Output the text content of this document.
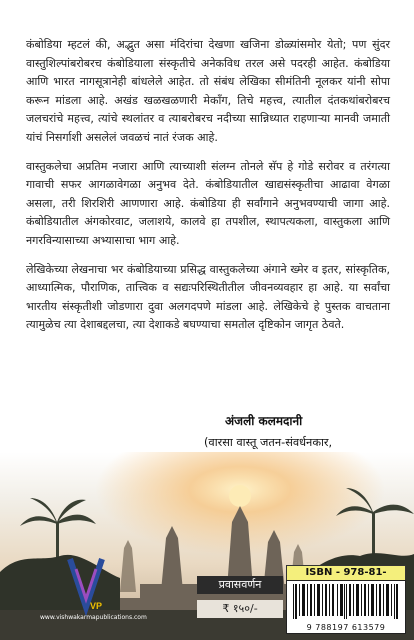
कंबोडिया म्हटलं की, अद्भुत असा मंदिरांचा देखणा खजिना डोळ्यांसमोर येतो; पण सुंदर वास्तुशिल्पांबरोबरच कंबोडियाला संस्कृतीचे अनेकविध तरल असे पदरही आहेत. कंबोडिया आणि भारत नागसूत्रानेही बांधलेले आहेत. तो संबंध लेखिका सीमंतिनी नूलकर यांनी सोपा करून मांडला आहे. अखंड खळखळणारी मेकाँग, तिचे महत्त्व, त्यातील दंतकथांबरोबरच जलचरांचे महत्त्व, त्यांचे स्थलांतर व त्याबरोबरच नदीच्या सान्निध्यात राहणाऱ्या मानवी जमाती यांचं निसर्गाशी असलेलं जवळचं नातं रंजक आहे.

वास्तुकलेचा अप्रतिम नजारा आणि त्याच्याशी संलग्न तोनले सॅप हे गोडे सरोवर व तरंगत्या गावाची सफर आगळावेगळा अनुभव देते. कंबोडियातील खाद्यसंस्कृतीचा आढावा वेगळा असला, तरी शिरशिरी आणणारा आहे. कंबोडिया ही सर्वांगाने अनुभवण्याची जागा आहे. कंबोडियातील अंगकोरवाट, जलाशये, कालवे हा तपशील, स्थापत्यकला, वास्तुकला आणि नगरविन्यासाच्या अभ्यासाचा भाग आहे.

लेखिकेच्या लेखनाचा भर कंबोडियाच्या प्रसिद्ध वास्तुकलेच्या अंगाने ख्मेर व इतर, सांस्कृतिक, आध्यात्मिक, पौराणिक, तात्त्विक व सद्यःपरिस्थितीतील जीवनव्यवहार हा आहे. या सर्वांचा भारतीय संस्कृतीशी जोडणारा दुवा अलगदपणे मांडला आहे. लेखिकेचे हे पुस्तक वाचताना त्यामुळेच त्या देशाबद्दलचा, त्या देशाकडे बघण्याचा समतोल दृष्टिकोन जागृत ठेवते.

अंजली कलमदानी
(वारसा वास्तू जतन-संवर्धनकार,
VP
www.vishwakarmapublications.com
प्रवासवर्णन
₹ १५०/-
ISBN - 978-81-
9 788197 613579
